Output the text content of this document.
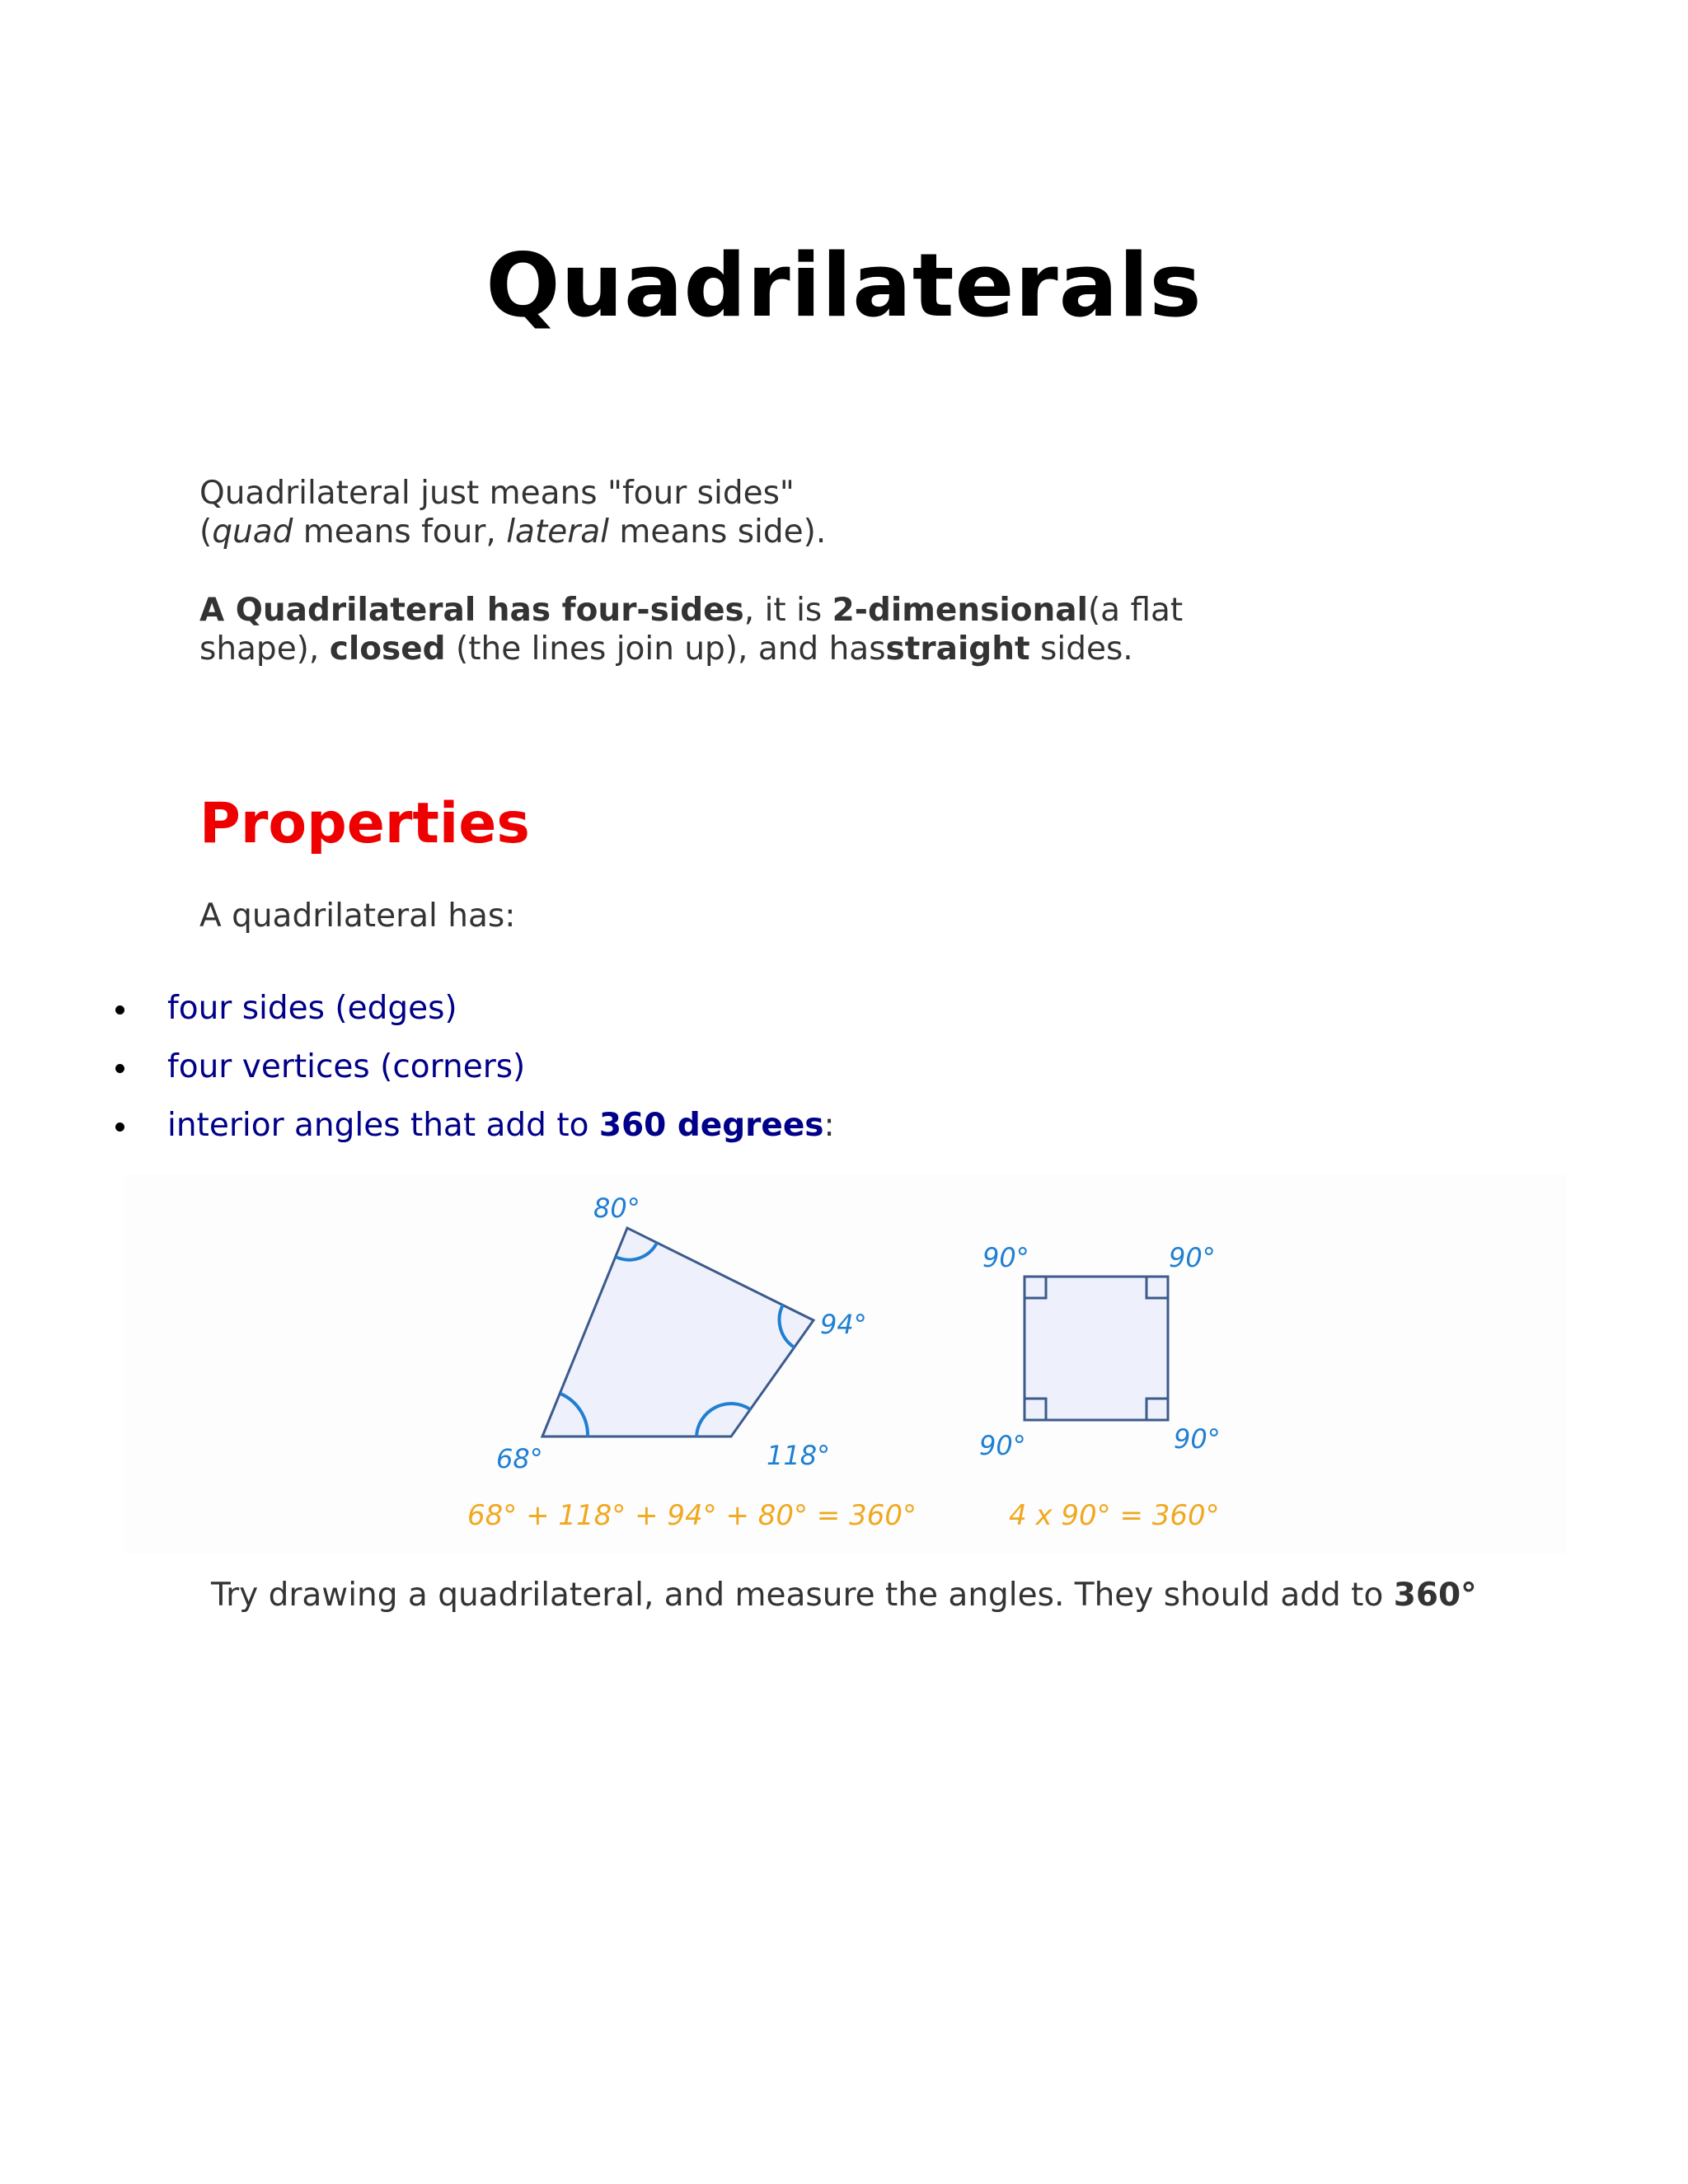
Quadrilaterals

Quadrilateral just means "four sides"
(quad means four, lateral means side).

A Quadrilateral has four-sides, it is 2-dimensional(a flat
shape), closed (the lines join up), and hasstraight sides.

Properties

A quadrilateral has:

four sides (edges)
four vertices (corners)
interior angles that add to 360 degrees:
80°
94°
68°	118°
68° + 118° + 94° + 80° = 360°
90°	90°
90°	90°
4 x 90° = 360°

Try drawing a quadrilateral, and measure the angles. They should add to 360°
